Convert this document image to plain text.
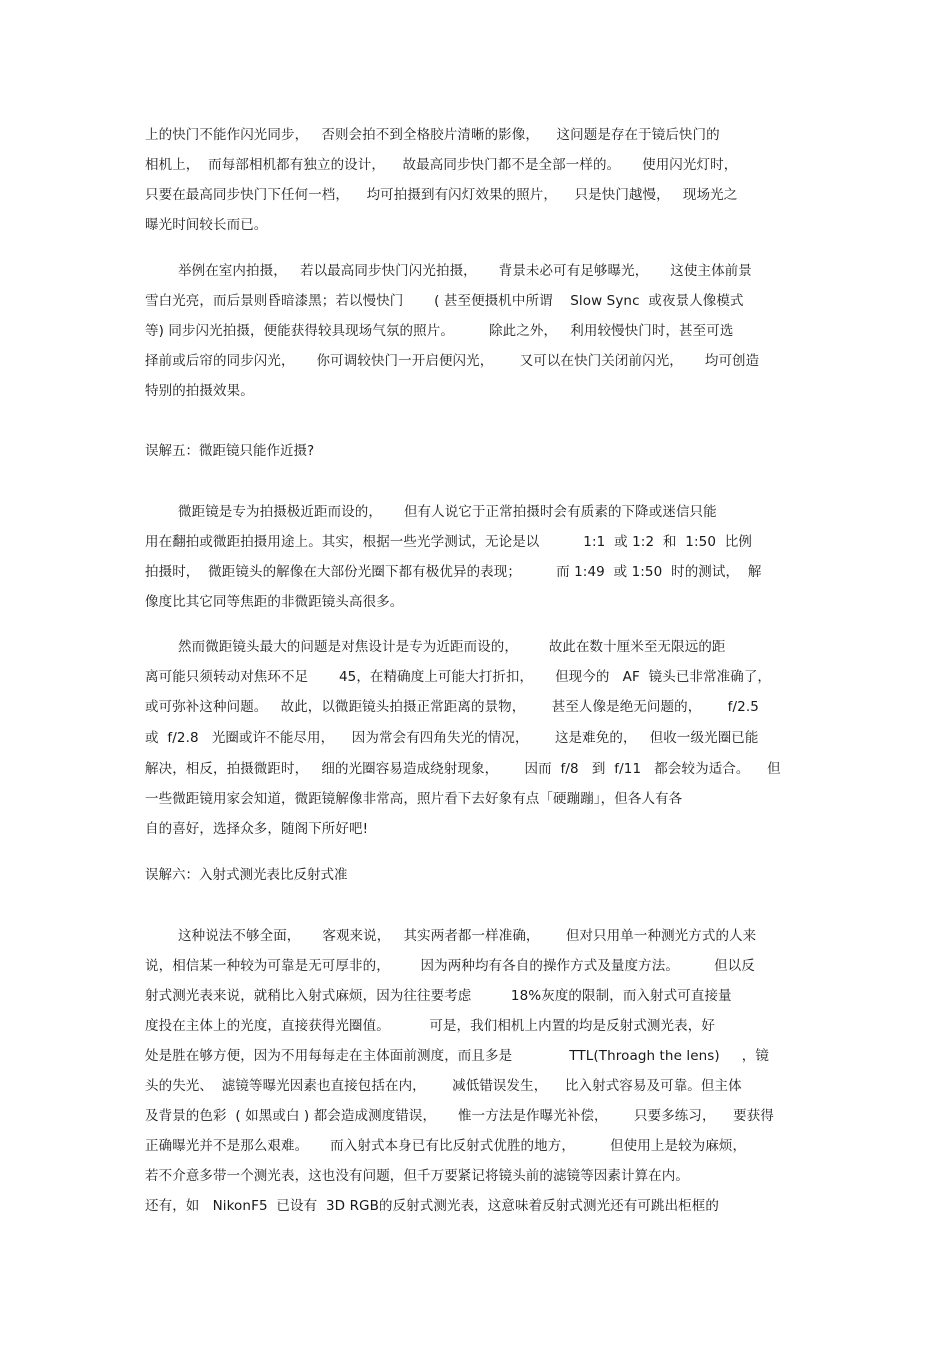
上的快门不能作闪光同步，   否则会拍不到全格胶片清晰的影像，    这问题是存在于镜后快门的
相机上，  而每部相机都有独立的设计，    故最高同步快门都不是全部一样的。     使用闪光灯时，
只要在最高同步快门下任何一档，    均可拍摄到有闪灯效果的照片，    只是快门越慢，   现场光之
曝光时间较长而已。
举例在室内拍摄，   若以最高同步快门闪光拍摄，     背景未必可有足够曝光，     这使主体前景
雪白光亮，而后景则昏暗漆黑；若以慢快门       ( 甚至便摄机中所谓    Slow Sync  或夜景人像模式
等) 同步闪光拍摄，便能获得较具现场气氛的照片。        除此之外，   利用较慢快门时，甚至可选
择前或后帘的同步闪光，     你可调较快门一开启便闪光，      又可以在快门关闭前闪光，     均可创造
特别的拍摄效果。
误解五：微距镜只能作近摄?
微距镜是专为拍摄极近距而设的，     但有人说它于正常拍摄时会有质素的下降或迷信只能
用在翻拍或微距拍摄用途上。其实，根据一些光学测试，无论是以          1:1  或 1:2  和  1:50  比例
拍摄时，  微距镜头的解像在大部份光圈下都有极优异的表现；        而 1:49  或 1:50  时的测试，  解
像度比其它同等焦距的非微距镜头高很多。
然而微距镜头最大的问题是对焦设计是专为近距而设的，       故此在数十厘米至无限远的距
离可能只须转动对焦环不足       45，在精确度上可能大打折扣，     但现今的   AF  镜头已非常准确了，
或可弥补这种问题。   故此，以微距镜头拍摄正常距离的景物，      甚至人像是绝无问题的，      f/2.5
或  f/2.8   光圈或许不能尽用，    因为常会有四角失光的情况，      这是难免的，   但收一级光圈已能
解决，相反，拍摄微距时，   细的光圈容易造成绕射现象，      因而  f/8   到  f/11   都会较为适合。    但
一些微距镜用家会知道，微距镜解像非常高，照片看下去好象有点「硬蹦蹦」，但各人有各
自的喜好，选择众多，随阁下所好吧!
误解六：入射式测光表比反射式准
这种说法不够全面，     客观来说，   其实两者都一样准确，      但对只用单一种测光方式的人来
说，相信某一种较为可靠是无可厚非的，       因为两种均有各自的操作方式及量度方法。        但以反
射式测光表来说，就稍比入射式麻烦，因为往往要考虑         18%灰度的限制，而入射式可直接量
度投在主体上的光度，直接获得光圈值。         可是，我们相机上内置的均是反射式测光表，好
处是胜在够方便，因为不用每每走在主体面前测度，而且多是             TTL(Throagh the lens)     ，镜
头的失光、  滤镜等曝光因素也直接包括在内，      减低错误发生，    比入射式容易及可靠。但主体
及背景的色彩  ( 如黑或白 ) 都会造成测度错误，     惟一方法是作曝光补偿，      只要多练习，    要获得
正确曝光并不是那么艰难。     而入射式本身已有比反射式优胜的地方，        但使用上是较为麻烦，
若不介意多带一个测光表，这也没有问题，但千万要紧记将镜头前的滤镜等因素计算在内。
还有，如   NikonF5  已设有  3D RGB的反射式测光表，这意味着反射式测光还有可跳出柜框的
